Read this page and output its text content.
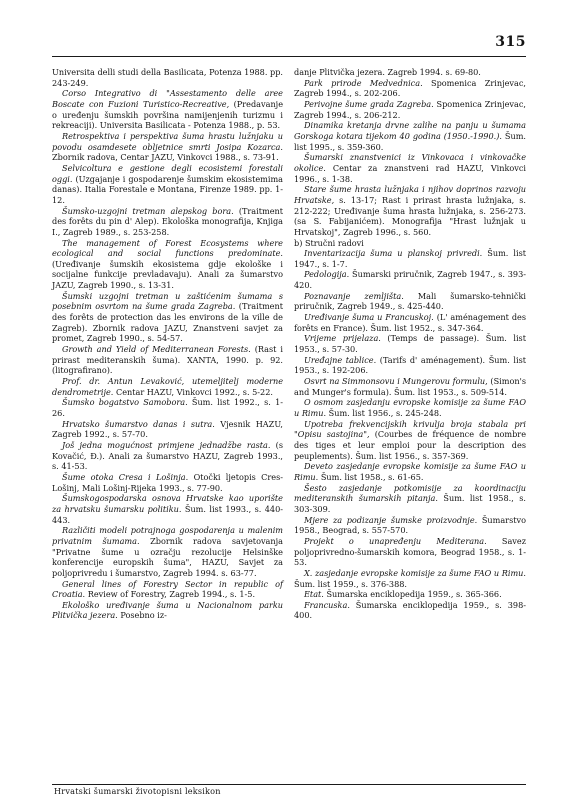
315

Universita delli studi della Basilicata, Potenza 1988. pp. 243-249.

Corso Integrativo di "Assestamento delle aree Boscate con Fuzioni Turistico-Recreative, (Predavanje o uređenju šumskih površina namijenjenih turizmu i rekreaciji). Universita Basilicata - Potenza 1988., p. 53.

Retrospektiva i perspektiva šuma hrastu lužnjaku u povodu osamdesete obljetnice smrti Josipa Kozarca. Zbornik radova, Centar JAZU, Vinkovci 1988., s. 73-91.

Selvicoltura e gestione degli ecosistemi forestali oggi. (Uzgajanje i gospodarenje šumskim ekosistemima danas). Italia Forestale e Montana, Firenze 1989. pp. 1-12.

Šumsko-uzgojni tretman alepskog bora. (Traitment des forêts du pin d' Alep). Ekološka monografija, Knjiga I., Zagreb 1989., s. 253-258.

The management of Forest Ecosystems where ecological and social functions predominate. (Uređivanje šumskih ekosistema gdje ekološke i socijalne funkcije prevladavaju). Anali za šumarstvo JAZU, Zagreb 1990., s. 13-31.

Šumski uzgojni tretman u zaštićenim šumama s posebnim osvrtom na šume grada Zagreba. (Traitment des forêts de protection das les environs de la ville de Zagreb). Zbornik radova JAZU, Znanstveni savjet za promet, Zagreb 1990., s. 54-57.

Growth and Yield of Mediterranean Forests. (Rast i prirast mediteranskih šuma). XANTA, 1990. p. 92. (litografirano).

Prof. dr. Antun Levaković, utemeljitelj moderne dendrometrije. Centar HAZU, Vinkovci 1992., s. 5-22.

Šumsko bogatstvo Samobora. Šum. list 1992., s. 1-26.

Hrvatsko šumarstvo danas i sutra. Vjesnik HAZU, Zagreb 1992., s. 57-70.

Još jedna mogućnost primjene jednadžbe rasta. (s Kovačić, Đ.). Anali za šumarstvo HAZU, Zagreb 1993., s. 41-53.

Šume otoka Cresa i Lošinja. Otočki ljetopis Cres-Lošinj, Mali Lošinj-Rijeka 1993., s. 77-90.

Šumskogospodarska osnova Hrvatske kao uporište za hrvatsku šumarsku politiku. Šum. list 1993., s. 440-443.

Različiti modeli potrajnoga gospodarenja u malenim privatnim šumama. Zbornik radova savjetovanja "Privatne šume u ozračju rezolucije Helsinške konferencije europskih šuma", HAZU, Savjet za poljoprivredu i šumarstvo, Zagreb 1994. s. 63-77.

General lines of Forestry Sector in republic of Croatia. Review of Forestry, Zagreb 1994., s. 1-5.

Ekološko uređivanje šuma u Nacionalnom parku Plitvička jezera. Posebno iz-

danje Plitvička jezera. Zagreb 1994. s. 69-80.

Park prirode Medvednica. Spomenica Zrinjevac, Zagreb 1994., s. 202-206.

Perivojne šume grada Zagreba. Spomenica Zrinjevac, Zagreb 1994., s. 206-212.

Dinamika kretanja drvne zalihe na panju u šumama Gorskoga kotara tijekom 40 godina (1950.-1990.). Šum. list 1995., s. 359-360.

Šumarski znanstvenici iz Vinkovaca i vinkovačke okolice. Centar za znanstveni rad HAZU, Vinkovci 1996., s. 1-38.

Stare šume hrasta lužnjaka i njihov doprinos razvoju Hrvatske, s. 13-17; Rast i prirast hrasta lužnjaka, s. 212-222; Uređivanje šuma hrasta lužnjaka, s. 256-273. (sa S. Fabijanićem). Monografija "Hrast lužnjak u Hrvatskoj", Zagreb 1996., s. 560.

b) Stručni radovi

Inventarizacija šuma u planskoj privredi. Šum. list 1947., s. 1-7.

Pedologija. Šumarski priručnik, Zagreb 1947., s. 393-420.

Poznavanje zemljišta. Mali šumarsko-tehnički priručnik, Zagreb 1949., s. 425-440.

Uređivanje šuma u Francuskoj. (L' aménagement des forêts en France). Šum. list 1952., s. 347-364.

Vrijeme prijelaza. (Temps de passage). Šum. list 1953., s. 57-30.

Uređajne tablice. (Tarifs d' aménagement). Šum. list 1953., s. 192-206.

Osvrt na Simmonsovu i Mungerovu formulu, (Simon's and Munger's formula). Šum. list 1953., s. 509-514.

O osmom zasjedanju evropske komisije za šume FAO u Rimu. Šum. list 1956., s. 245-248.

Upotreba frekvencijskih krivulja broja stabala pri "Opisu sastojina", (Courbes de fréquence de nombre des tiges et leur emploi pour la description des peuplements). Šum. list 1956., s. 357-369.

Deveto zasjedanje evropske komisije za šume FAO u Rimu. Šum. list 1958., s. 61-65.

Šesto zasjedanje potkomisije za koordinaciju mediteranskih šumarskih pitanja. Šum. list 1958., s. 303-309.

Mjere za podizanje šumske proizvodnje. Šumarstvo 1958., Beograd, s. 557-570.

Projekt o unapređenju Mediterana. Savez poljoprivredno-šumarskih komora, Beograd 1958., s. 1-53.

X. zasjedanje evropske komisije za šume FAO u Rimu. Šum. list 1959., s. 376-388.

Etat. Šumarska enciklopedija 1959., s. 365-366.

Francuska. Šumarska enciklopedija 1959., s. 398-400.

Hrvatski šumarski životopisni leksikon
